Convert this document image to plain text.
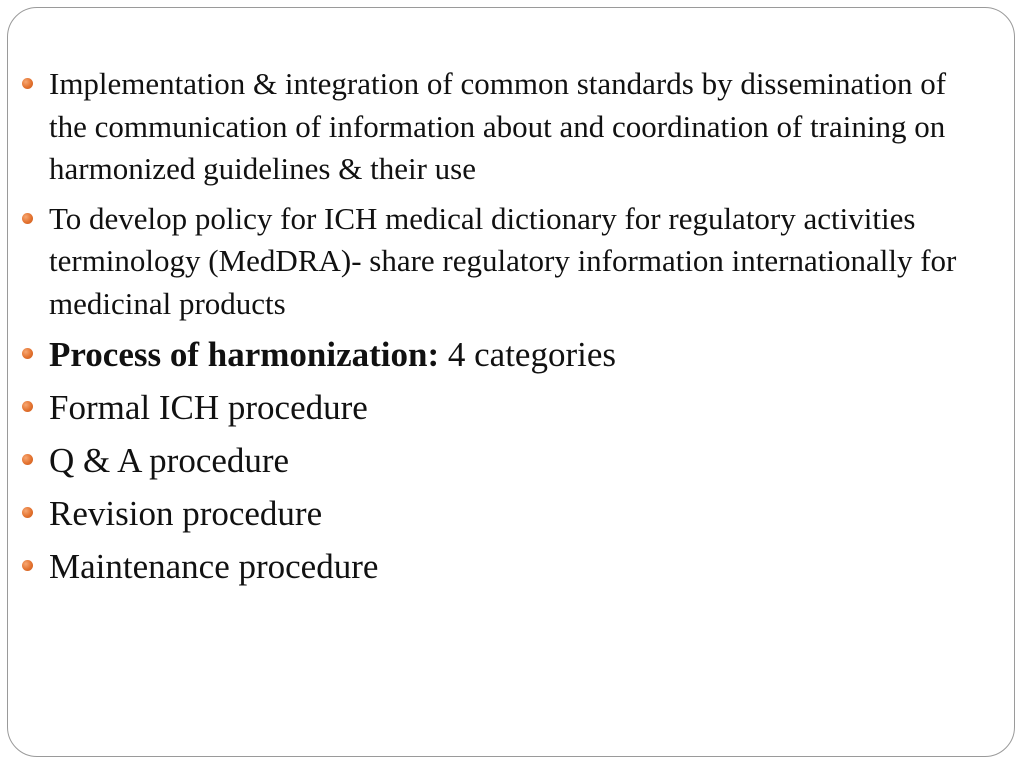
Implementation & integration of common standards by dissemination of the communication of information about and coordination of training on harmonized guidelines & their use
To develop policy for ICH medical dictionary for regulatory activities terminology (MedDRA)- share regulatory information internationally for medicinal products
Process of harmonization: 4 categories
Formal ICH procedure
Q & A procedure
Revision procedure
Maintenance procedure
